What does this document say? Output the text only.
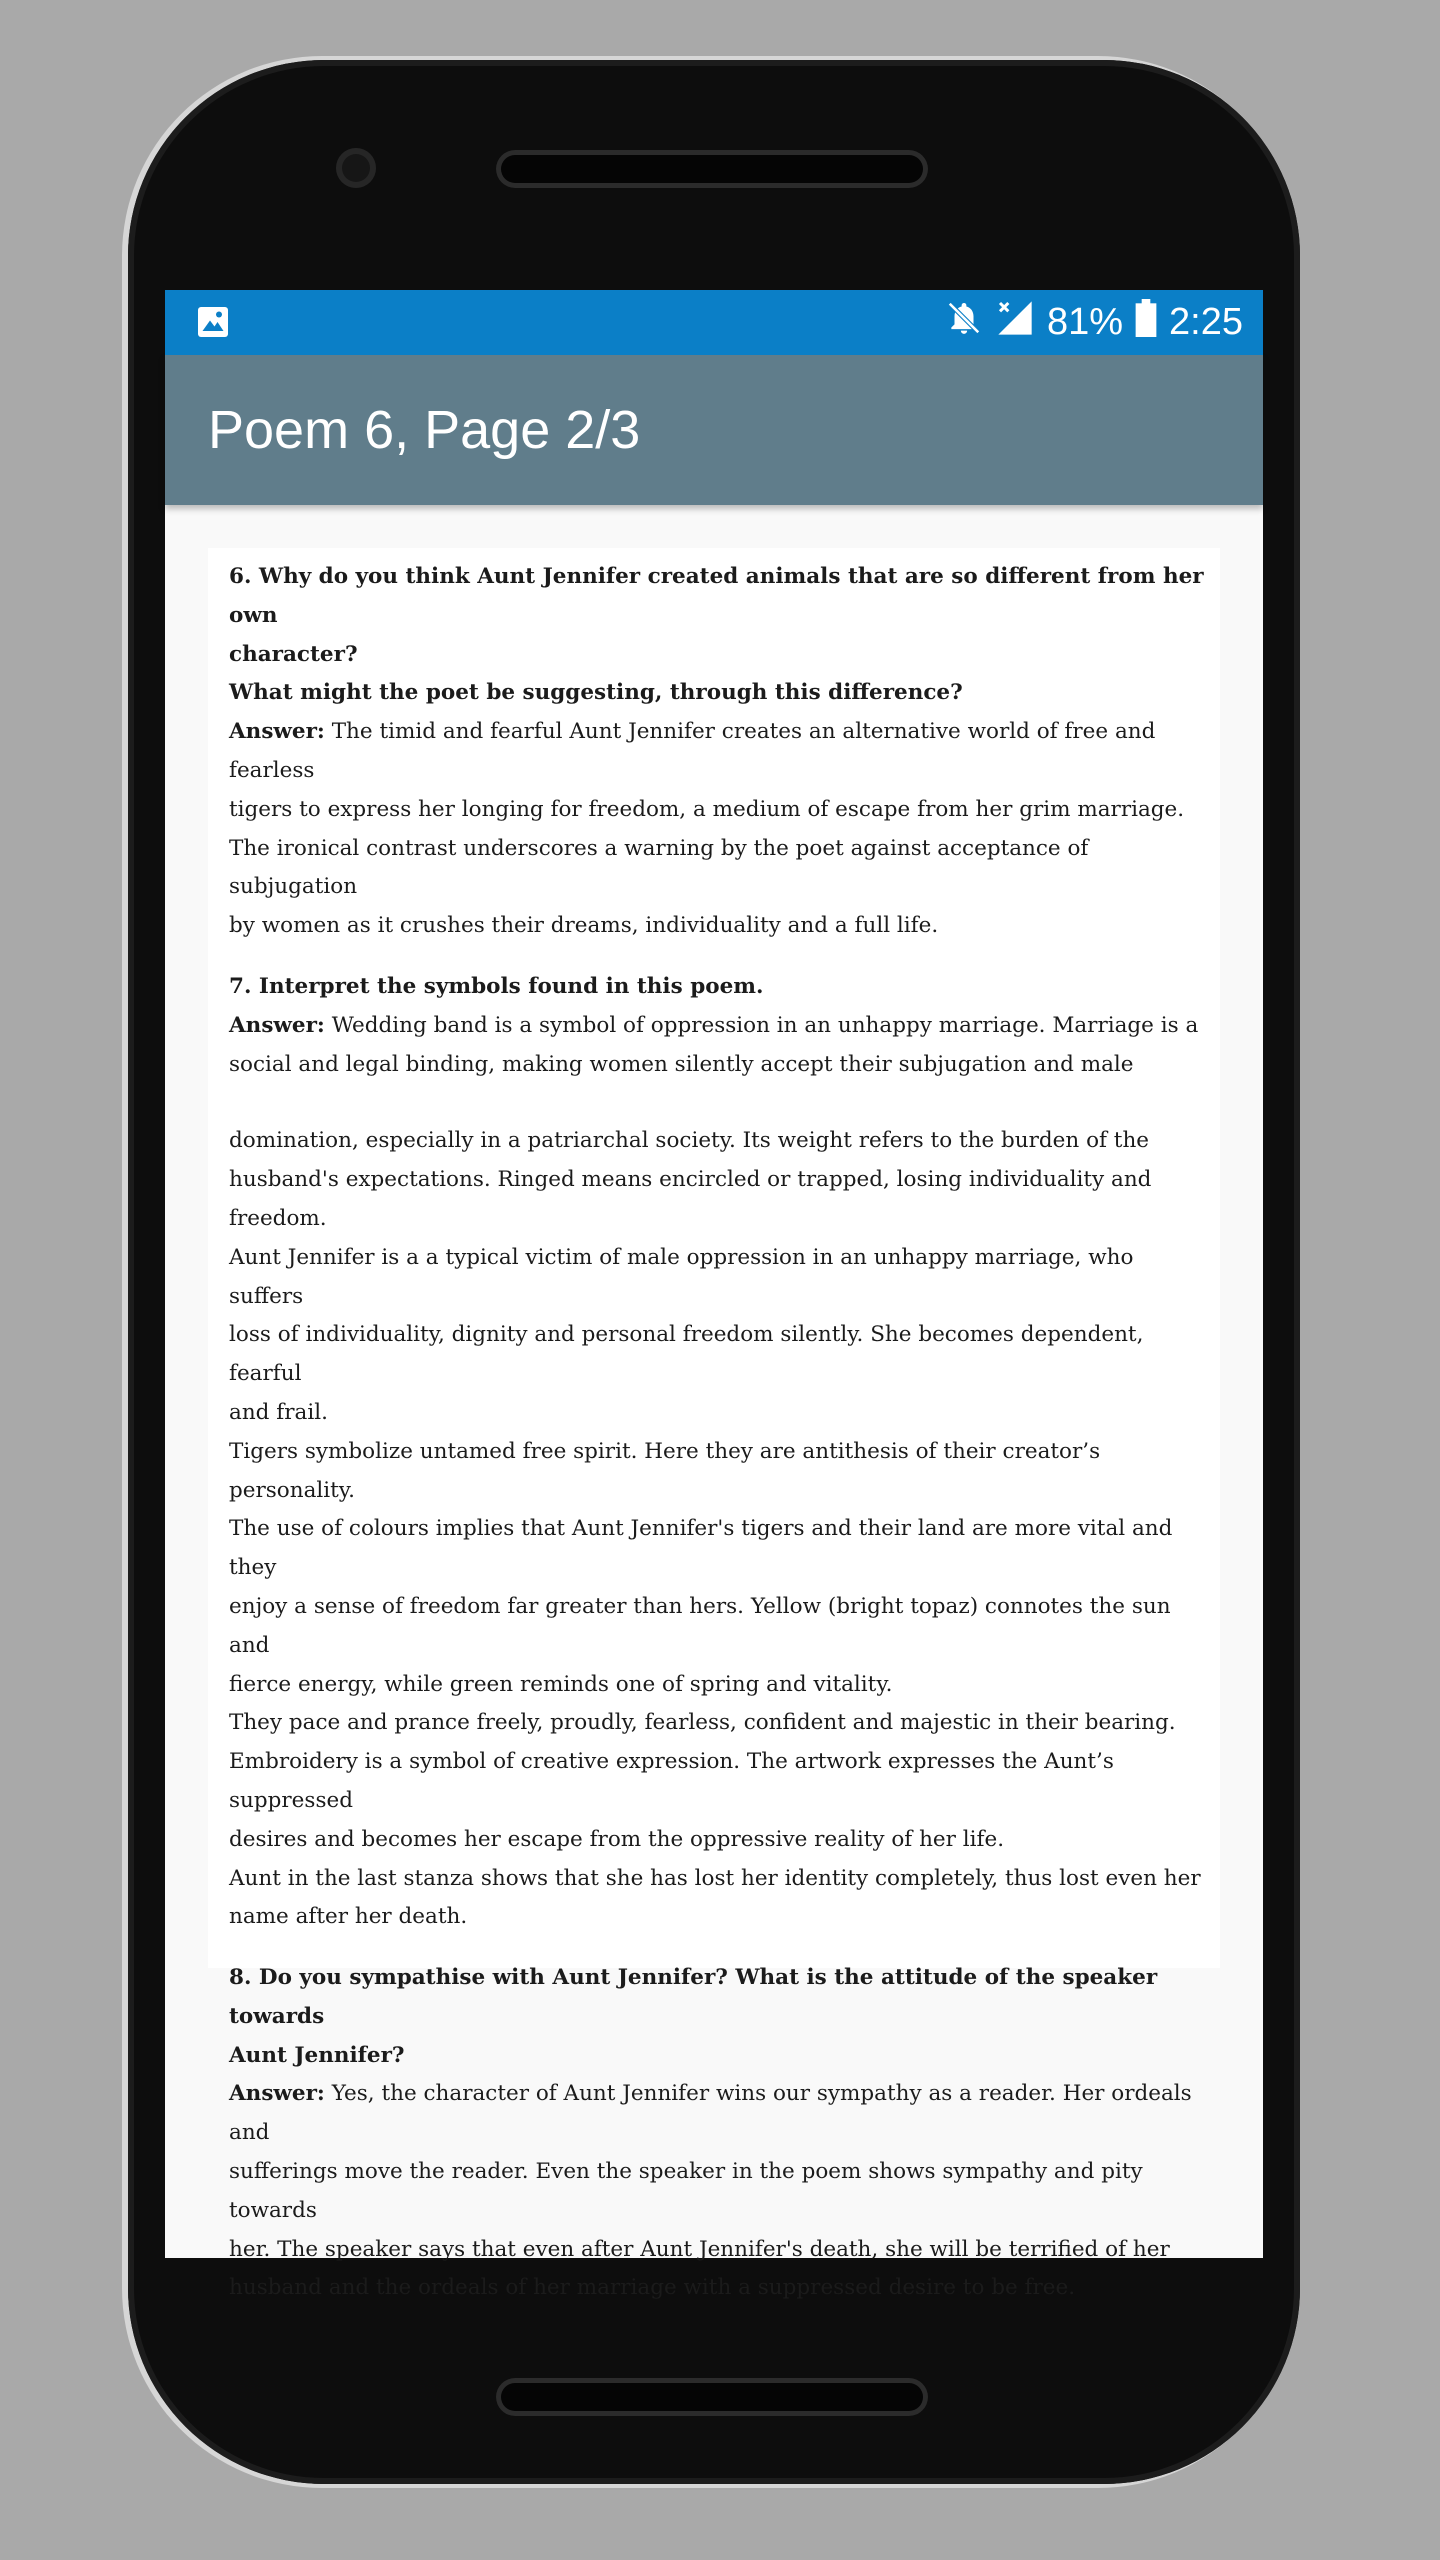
81% 2:25
Poem 6, Page 2/3

6. Why do you think Aunt Jennifer created animals that are so different from her own

character?

What might the poet be suggesting, through this difference?

Answer: The timid and fearful Aunt Jennifer creates an alternative world of free and fearless

tigers to express her longing for freedom, a medium of escape from her grim marriage.

The ironical contrast underscores a warning by the poet against acceptance of subjugation

by women as it crushes their dreams, individuality and a full life.

7. Interpret the symbols found in this poem.

Answer: Wedding band is a symbol of oppression in an unhappy marriage. Marriage is a

social and legal binding, making women silently accept their subjugation and male

domination, especially in a patriarchal society. Its weight refers to the burden of the

husband's expectations. Ringed means encircled or trapped, losing individuality and

freedom.

Aunt Jennifer is a a typical victim of male oppression in an unhappy marriage, who suffers

loss of individuality, dignity and personal freedom silently. She becomes dependent, fearful

and frail.

Tigers symbolize untamed free spirit. Here they are antithesis of their creator’s personality.

The use of colours implies that Aunt Jennifer's tigers and their land are more vital and they

enjoy a sense of freedom far greater than hers. Yellow (bright topaz) connotes the sun and

fierce energy, while green reminds one of spring and vitality.

They pace and prance freely, proudly, fearless, confident and majestic in their bearing.

Embroidery is a symbol of creative expression. The artwork expresses the Aunt’s suppressed

desires and becomes her escape from the oppressive reality of her life.

Aunt in the last stanza shows that she has lost her identity completely, thus lost even her

name after her death.

8. Do you sympathise with Aunt Jennifer? What is the attitude of the speaker towards

Aunt Jennifer?

Answer: Yes, the character of Aunt Jennifer wins our sympathy as a reader. Her ordeals and

sufferings move the reader. Even the speaker in the poem shows sympathy and pity towards

her. The speaker says that even after Aunt Jennifer's death, she will be terrified of her

husband and the ordeals of her marriage with a suppressed desire to be free.
